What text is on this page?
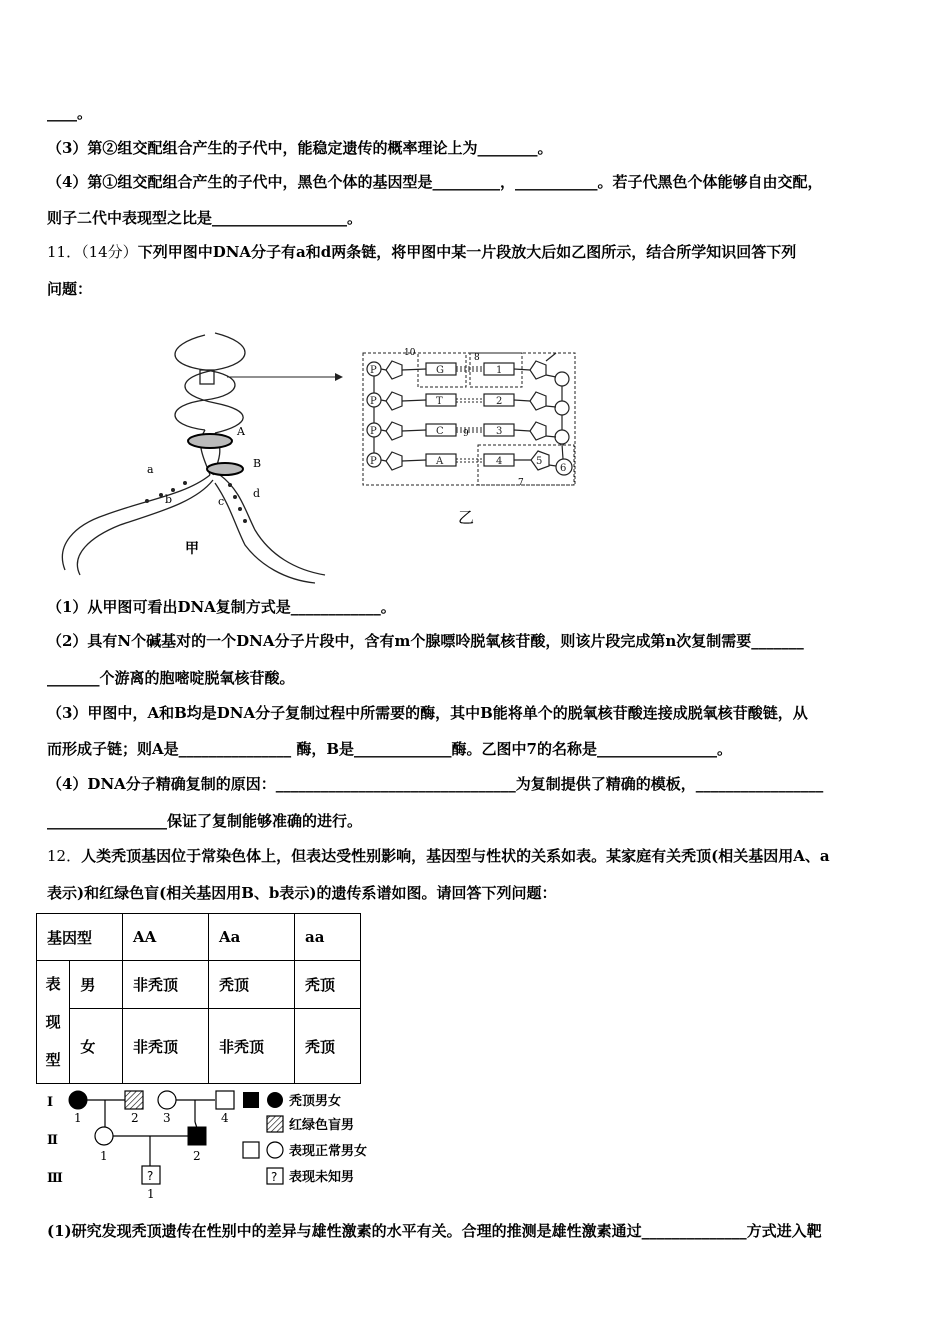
____。
（3）第②组交配组合产生的子代中，能稳定遗传的概率理论上为________。
（4）第①组交配组合产生的子代中，黑色个体的基因型是_________，___________。若子代黑色个体能够自由交配，
则子二代中表现型之比是__________________。
11．（14分）下列甲图中DNA分子有a和d两条链，将甲图中某一片段放大后如乙图所示，结合所学知识回答下列
问题：
A
B
a
b	c
d
甲
10	8
9
7
P	G	1
P	T	2
P	C	3
P	A	4	5
6
乙
（1）从甲图可看出DNA复制方式是____________。
（2）具有N个碱基对的一个DNA分子片段中，含有m个腺嘌呤脱氧核苷酸，则该片段完成第n次复制需要_______
_______个游离的胞嘧啶脱氧核苷酸。
（3）甲图中，A和B均是DNA分子复制过程中所需要的酶，其中B能将单个的脱氧核苷酸连接成脱氧核苷酸链，从
而形成子链；则A是_______________ 酶，B是_____________酶。乙图中7的名称是________________。
（4）DNA分子精确复制的原因：________________________________为复制提供了精确的模板，_________________
________________保证了复制能够准确的进行。
12．人类秃顶基因位于常染色体上，但表达受性别影响，基因型与性状的关系如表。某家庭有关秃顶(相关基因用A、a
表示)和红绿色盲(相关基因用B、b表示)的遗传系谱如图。请回答下列问题：
基因型		AA	Aa	aa
表
现
型	男	非秃顶	秃顶	秃顶
	女	非秃顶	非秃顶	秃顶
Ⅰ
Ⅱ
Ⅲ	?
1	2 3	4
1	2
1
?
秃顶男女
红绿色盲男
表现正常男女
表现未知男
(1)研究发现秃顶遗传在性别中的差异与雄性激素的水平有关。合理的推测是雄性激素通过______________方式进入靶
